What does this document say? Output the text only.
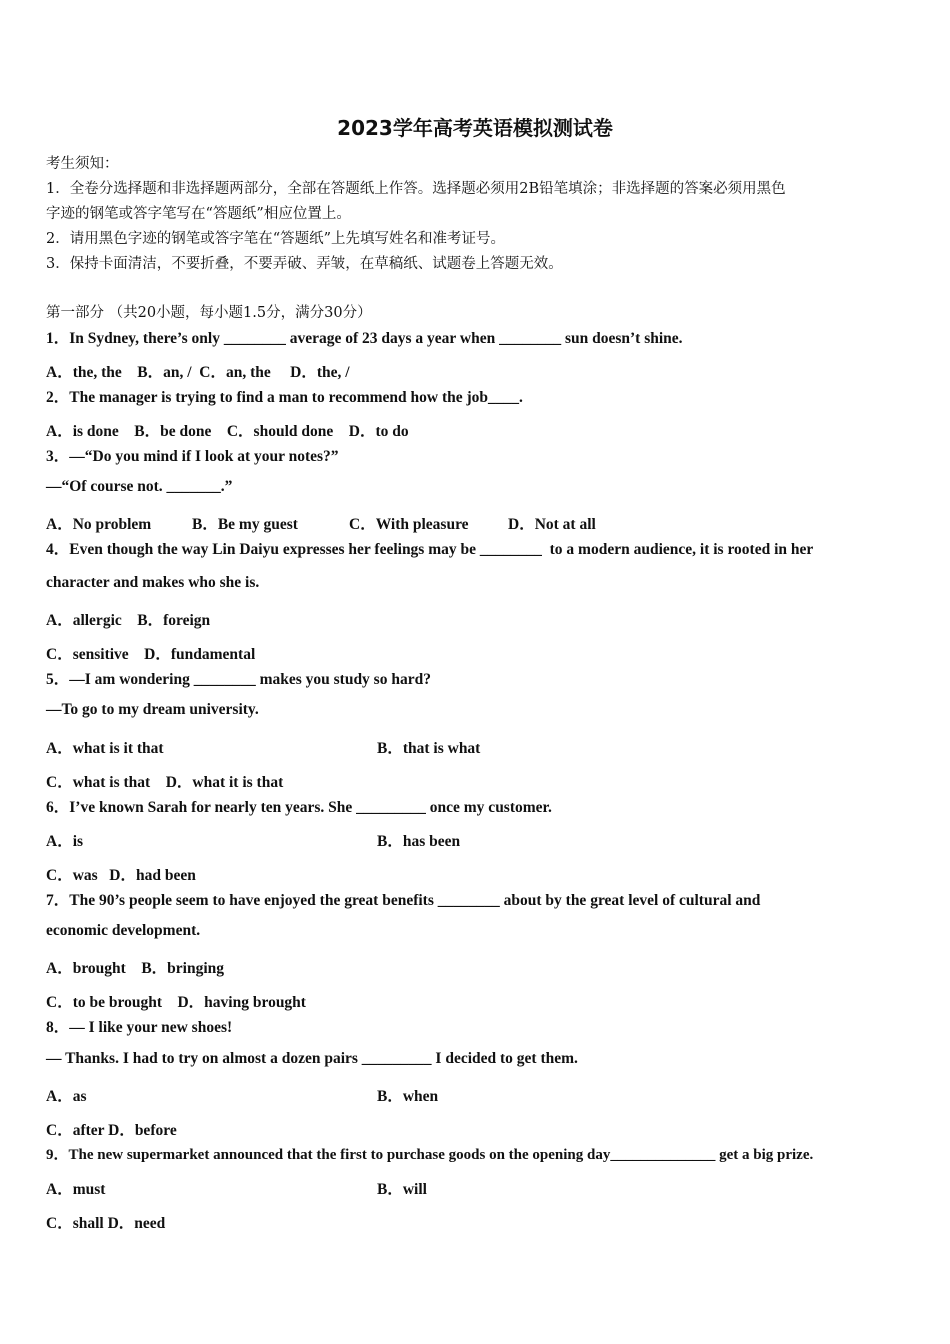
2023学年高考英语模拟测试卷
考生须知：
1．全卷分选择题和非选择题两部分，全部在答题纸上作答。选择题必须用2B铅笔填涂；非选择题的答案必须用黑色
字迹的钢笔或答字笔写在“答题纸”相应位置上。
2．请用黑色字迹的钢笔或答字笔在“答题纸”上先填写姓名和准考证号。
3．保持卡面清洁，不要折叠，不要弄破、弄皱，在草稿纸、试题卷上答题无效。
第一部分 （共20小题，每小题1.5分，满分30分）
1．In Sydney, there’s only ________ average of 23 days a year when ________ sun doesn’t shine.
A．the, the    B．an, /  C．an, the     D．the, /
2．The manager is trying to find a man to recommend how the job____.
A．is done    B．be done    C．should done    D．to do
3．—“Do you mind if I look at your notes?”
—“Of course not. _______.”
A．No problem	B．Be my guest	C．With pleasure	D．Not at all
4．Even though the way Lin Daiyu expresses her feelings may be ________  to a modern audience, it is rooted in her
character and makes who she is.
A．allergic    B．foreign
C．sensitive    D．fundamental
5．—I am wondering ________ makes you study so hard?
—To go to my dream university.
A．what is it that	B．that is what
C．what is that    D．what it is that
6．I’ve known Sarah for nearly ten years. She _________ once my customer.
A．is	B．has been
C．was   D．had been
7．The 90’s people seem to have enjoyed the great benefits ________ about by the great level of cultural and
economic development.
A．brought    B．bringing
C．to be brought    D．having brought
8．— I like your new shoes!
— Thanks. I had to try on almost a dozen pairs _________ I decided to get them.
A．as	B．when
C．after D．before
9．The new supermarket announced that the first to purchase goods on the opening day______________ get a big prize.
A．must	B．will
C．shall D．need
